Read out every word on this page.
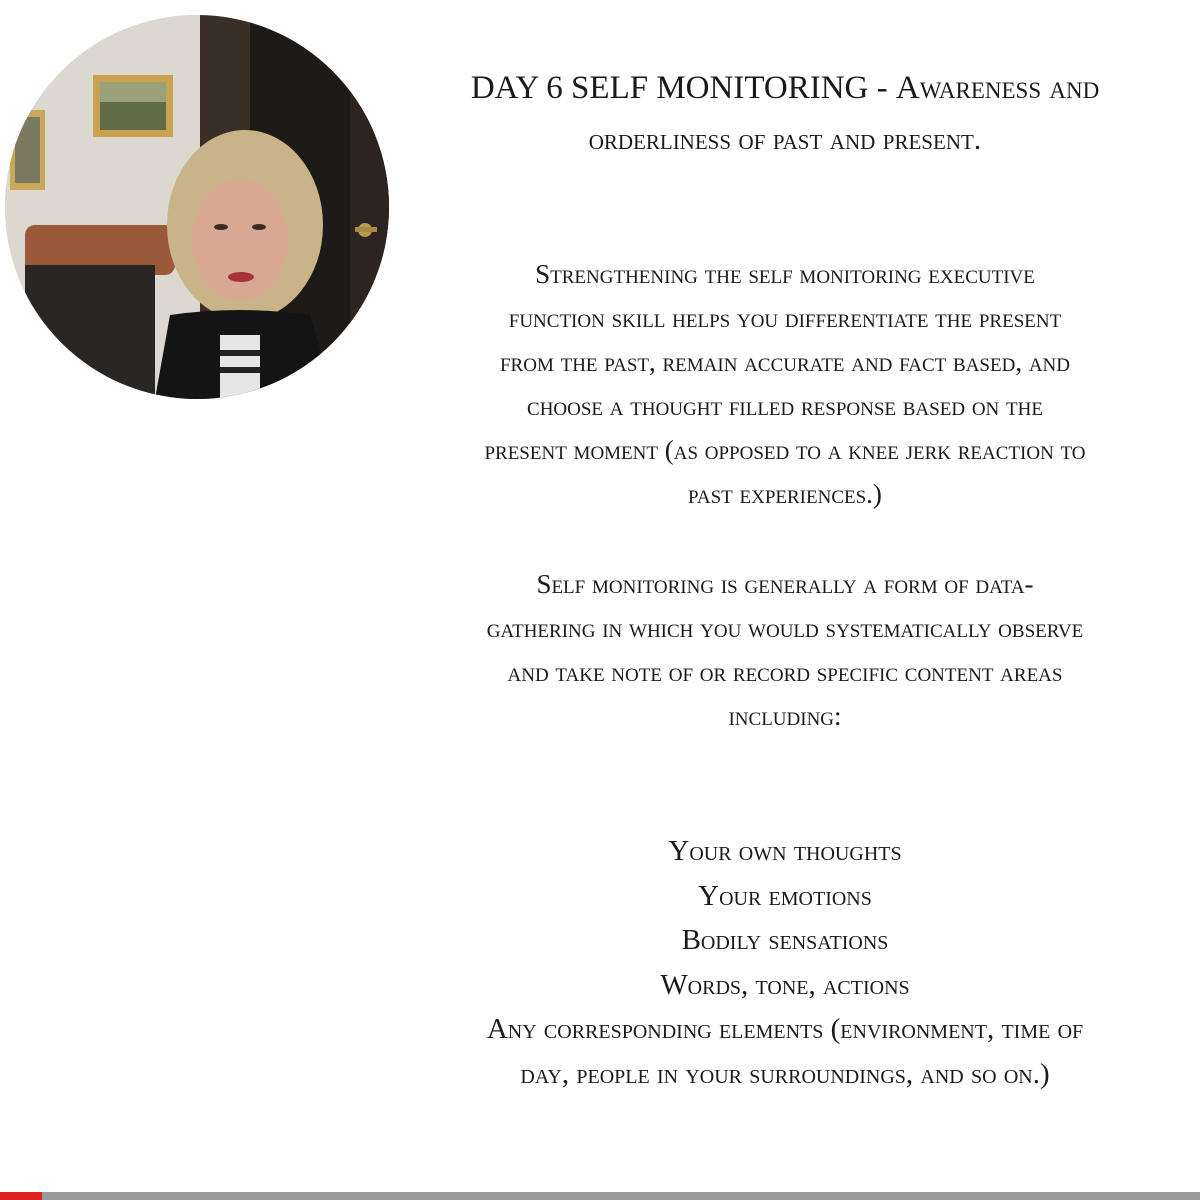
DAY 6 SELF MONITORING - Awareness and
orderliness of past and present.
Strengthening the self monitoring executive
function skill helps you differentiate the present
from the past, remain accurate and fact based, and
choose a thought filled response based on the
present moment (as opposed to a knee jerk reaction to
past experiences.)
Self monitoring is generally a form of data-
gathering in which you would systematically observe
and take note of or record specific content areas
including:
Your own thoughts
Your emotions
Bodily sensations
Words, tone, actions
Any corresponding elements (environment, time of
day, people in your surroundings, and so on.)
